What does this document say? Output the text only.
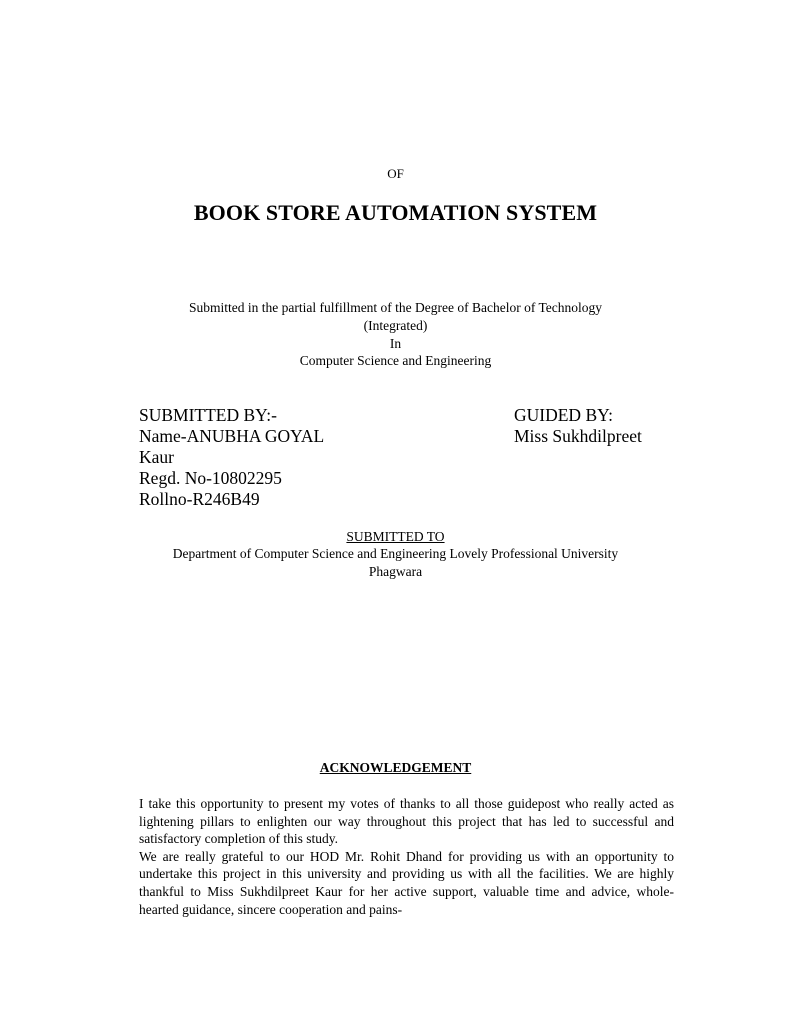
OF
BOOK STORE AUTOMATION SYSTEM
Submitted in the partial fulfillment of the Degree of Bachelor of Technology
(Integrated)
In
Computer Science and Engineering
SUBMITTED BY:-
Name-ANUBHA GOYAL
Kaur
Regd. No-10802295
Rollno-R246B49
GUIDED BY:
Miss Sukhdilpreet
SUBMITTED TO
Department of Computer Science and Engineering Lovely Professional University
Phagwara
ACKNOWLEDGEMENT

I take this opportunity to present my votes of thanks to all those guidepost who really acted as lightening pillars to enlighten our way throughout this project that has led to successful and satisfactory completion of this study.

We are really grateful to our HOD Mr. Rohit Dhand for providing us with an opportunity to undertake this project in this university and providing us with all the facilities. We are highly thankful to Miss Sukhdilpreet Kaur for her active support, valuable time and advice, whole-hearted guidance, sincere cooperation and pains-
